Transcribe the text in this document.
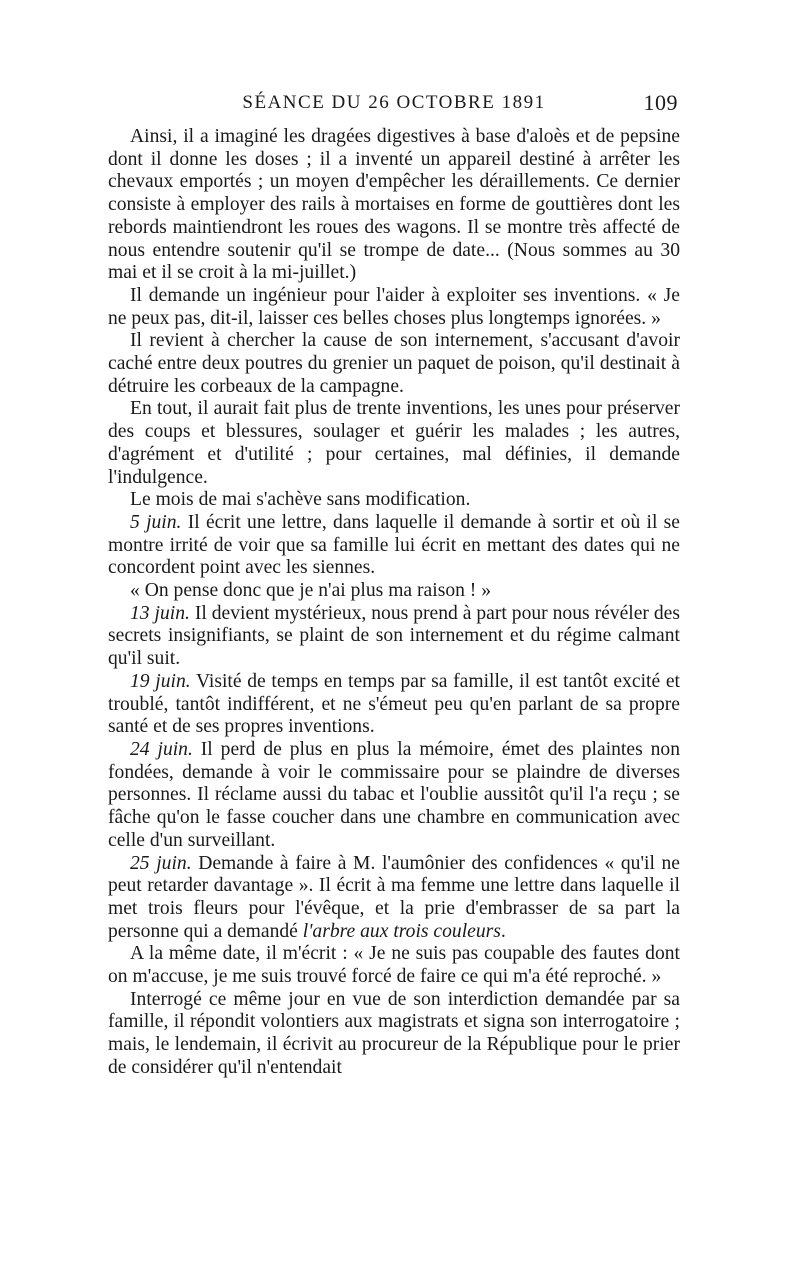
SÉANCE DU 26 OCTOBRE 1891	109

Ainsi, il a imaginé les dragées digestives à base d'aloès et de pepsine dont il donne les doses ; il a inventé un appareil destiné à arrêter les chevaux emportés ; un moyen d'empêcher les déraillements. Ce dernier consiste à employer des rails à mortaises en forme de gouttières dont les rebords maintiendront les roues des wagons. Il se montre très affecté de nous entendre soutenir qu'il se trompe de date... (Nous sommes au 30 mai et il se croit à la mi-juillet.)

Il demande un ingénieur pour l'aider à exploiter ses inventions. « Je ne peux pas, dit-il, laisser ces belles choses plus longtemps ignorées. »

Il revient à chercher la cause de son internement, s'accusant d'avoir caché entre deux poutres du grenier un paquet de poison, qu'il destinait à détruire les corbeaux de la campagne.

En tout, il aurait fait plus de trente inventions, les unes pour préserver des coups et blessures, soulager et guérir les malades ; les autres, d'agrément et d'utilité ; pour certaines, mal définies, il demande l'indulgence.

Le mois de mai s'achève sans modification.

5 juin. Il écrit une lettre, dans laquelle il demande à sortir et où il se montre irrité de voir que sa famille lui écrit en mettant des dates qui ne concordent point avec les siennes.

« On pense donc que je n'ai plus ma raison ! »

13 juin. Il devient mystérieux, nous prend à part pour nous révéler des secrets insignifiants, se plaint de son internement et du régime calmant qu'il suit.

19 juin. Visité de temps en temps par sa famille, il est tantôt excité et troublé, tantôt indifférent, et ne s'émeut peu qu'en parlant de sa propre santé et de ses propres inventions.

24 juin. Il perd de plus en plus la mémoire, émet des plaintes non fondées, demande à voir le commissaire pour se plaindre de diverses personnes. Il réclame aussi du tabac et l'oublie aussitôt qu'il l'a reçu ; se fâche qu'on le fasse coucher dans une chambre en communication avec celle d'un surveillant.

25 juin. Demande à faire à M. l'aumônier des confidences « qu'il ne peut retarder davantage ». Il écrit à ma femme une lettre dans laquelle il met trois fleurs pour l'évêque, et la prie d'embrasser de sa part la personne qui a demandé l'arbre aux trois couleurs.

A la même date, il m'écrit : « Je ne suis pas coupable des fautes dont on m'accuse, je me suis trouvé forcé de faire ce qui m'a été reproché. »

Interrogé ce même jour en vue de son interdiction demandée par sa famille, il répondit volontiers aux magistrats et signa son interrogatoire ; mais, le lendemain, il écrivit au procureur de la République pour le prier de considérer qu'il n'entendait
